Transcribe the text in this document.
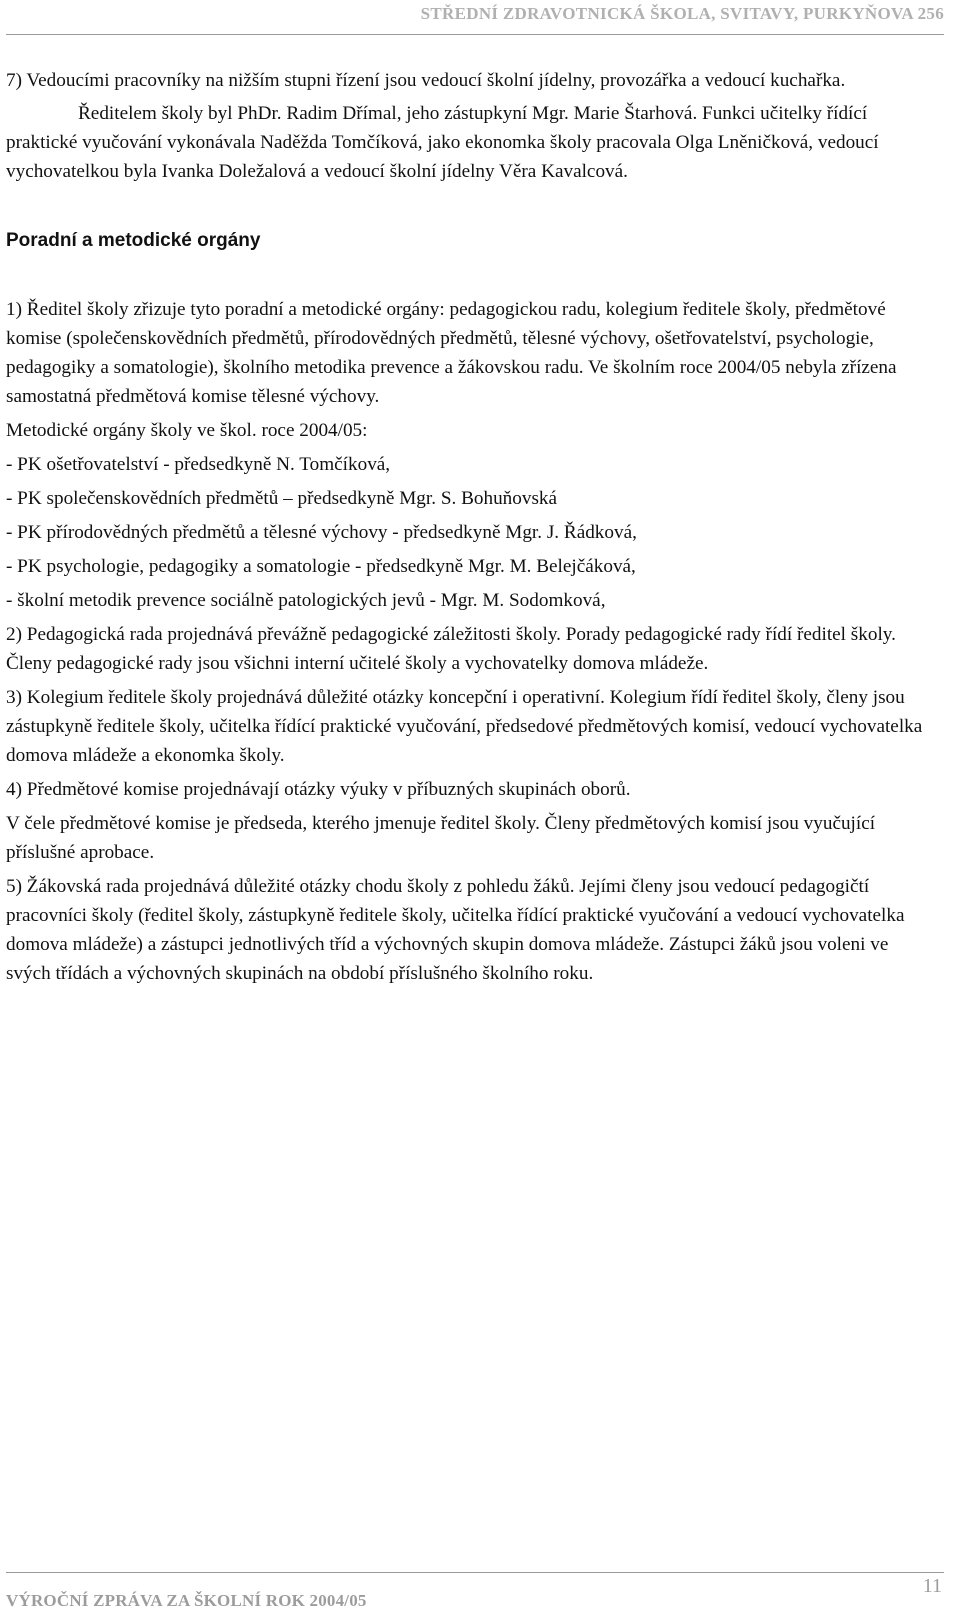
STŘEDNÍ ZDRAVOTNICKÁ ŠKOLA, SVITAVY, PURKYŇOVA 256

7) Vedoucími pracovníky na nižším stupni řízení jsou vedoucí školní jídelny, provozářka a vedoucí kuchařka.

Ředitelem školy byl PhDr. Radim Dřímal, jeho zástupkyní Mgr. Marie Štarhová. Funkci učitelky řídící praktické vyučování vykonávala Naděžda Tomčíková, jako ekonomka školy pracovala Olga Lněničková, vedoucí vychovatelkou byla Ivanka Doležalová a vedoucí školní jídelny Věra Kavalcová.

Poradní a metodické orgány

1) Ředitel školy zřizuje tyto poradní a metodické orgány: pedagogickou radu, kolegium ředitele školy, předmětové komise (společenskovědních předmětů, přírodovědných předmětů, tělesné výchovy, ošetřovatelství, psychologie, pedagogiky a somatologie), školního metodika prevence a žákovskou radu. Ve školním roce 2004/05 nebyla zřízena samostatná předmětová komise tělesné výchovy.

Metodické orgány školy ve škol. roce 2004/05:

- PK ošetřovatelství - předsedkyně N. Tomčíková,

- PK společenskovědních předmětů – předsedkyně Mgr. S. Bohuňovská

- PK přírodovědných předmětů a tělesné výchovy - předsedkyně Mgr. J. Řádková,

- PK psychologie, pedagogiky a somatologie - předsedkyně Mgr. M. Belejčáková,

- školní metodik prevence sociálně patologických jevů - Mgr. M. Sodomková,

2) Pedagogická rada projednává převážně pedagogické záležitosti školy. Porady pedagogické rady řídí ředitel školy. Členy pedagogické rady jsou všichni interní učitelé školy a vychovatelky domova mládeže.

3) Kolegium ředitele školy projednává důležité otázky koncepční i operativní. Kolegium řídí ředitel školy, členy jsou zástupkyně ředitele školy, učitelka řídící praktické vyučování, předsedové předmětových komisí, vedoucí vychovatelka domova mládeže a ekonomka školy.

4) Předmětové komise projednávají otázky výuky v příbuzných skupinách oborů.

V čele předmětové komise je předseda, kterého jmenuje ředitel školy. Členy předmětových komisí jsou vyučující příslušné aprobace.

5) Žákovská rada projednává důležité otázky chodu školy z pohledu žáků. Jejími členy jsou vedoucí pedagogičtí pracovníci školy (ředitel školy, zástupkyně ředitele školy, učitelka řídící praktické vyučování a vedoucí vychovatelka domova mládeže) a zástupci jednotlivých tříd a výchovných skupin domova mládeže. Zástupci žáků jsou voleni ve svých třídách a výchovných skupinách na období příslušného školního roku.

VÝROČNÍ ZPRÁVA ZA ŠKOLNÍ ROK 2004/05
11
